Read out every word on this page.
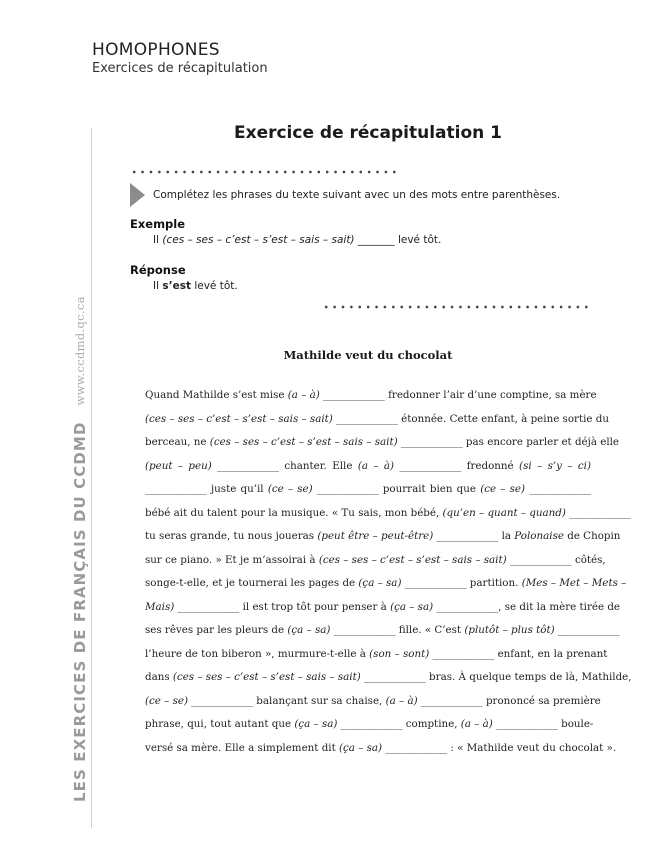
HOMOPHONES
Exercices de récapitulation
LES EXERCICES DE FRANÇAIS DU CCDMD
www.ccdmd.qc.ca
Exercice de récapitulation 1
Complétez les phrases du texte suivant avec un des mots entre parenthèses.
Exemple
Il (ces – ses – c’est – s’est – sais – sait) _______ levé tôt.
Réponse
Il s’est levé tôt.
Mathilde veut du chocolat
Quand Mathilde s’est mise (a – à) ____________ fredonner l’air d’une comptine, sa mère
(ces – ses – c’est – s’est – sais – sait) ____________ étonnée. Cette enfant, à peine sortie du
berceau, ne (ces – ses – c’est – s’est – sais – sait) ____________ pas encore parler et déjà elle
(peut – peu) ____________ chanter. Elle (a – à) ____________ fredonné (si – s’y – ci)
____________ juste qu’il (ce – se) ____________ pourrait bien que (ce – se) ____________
bébé ait du talent pour la musique. « Tu sais, mon bébé, (qu’en – quant – quand) ____________
tu seras grande, tu nous joueras (peut être – peut-être) ____________ la Polonaise de Chopin
sur ce piano. » Et je m’assoirai à (ces – ses – c’est – s’est – sais – sait) ____________ côtés,
songe-t-elle, et je tournerai les pages de (ça – sa) ____________ partition. (Mes – Met – Mets –
Mais) ____________ il est trop tôt pour penser à (ça – sa) ____________, se dit la mère tirée de
ses rêves par les pleurs de (ça – sa) ____________ fille. « C’est (plutôt – plus tôt) ____________
l’heure de ton biberon », murmure-t-elle à (son – sont) ____________ enfant, en la prenant
dans (ces – ses – c’est – s’est – sais – sait) ____________ bras. À quelque temps de là, Mathilde,
(ce – se) ____________ balançant sur sa chaise, (a – à) ____________ prononcé sa première
phrase, qui, tout autant que (ça – sa) ____________ comptine, (a – à) ____________ boule-
versé sa mère. Elle a simplement dit (ça – sa) ____________ : « Mathilde veut du chocolat ».
